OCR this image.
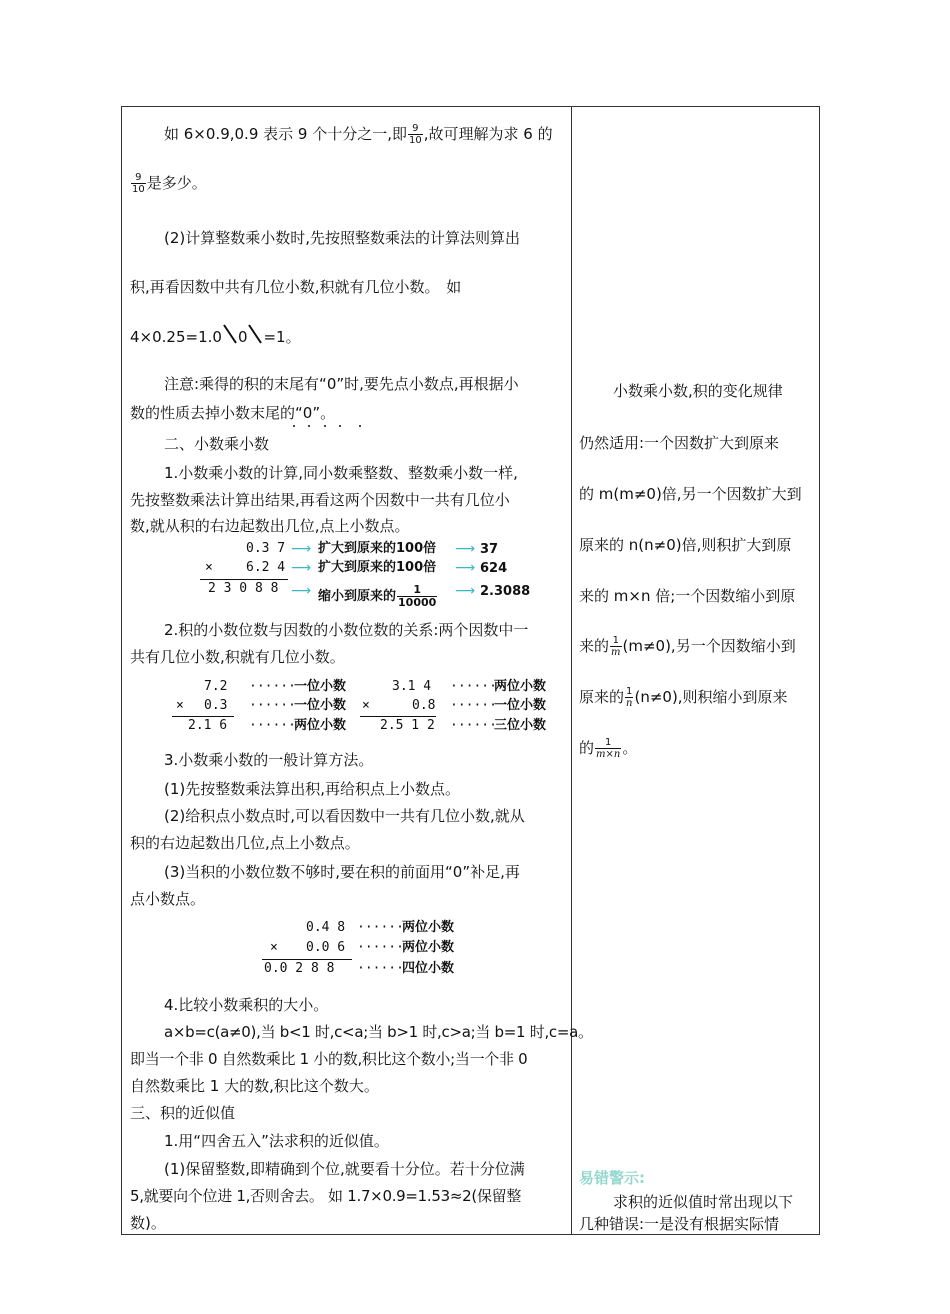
如 6×0.9,0.9 表示 9 个十分之一,即 $\frac{9}{10}$ ,故可理解为求 6 的
$\frac{9}{10}$ 是多少。
(2)计算整数乘小数时,先按照整数乘法的计算法则算出
积,再看因数中共有几位小数,积就有几位小数。 如
4×0.25=1.0 0 =1。
注意:乘得的积的末尾有“0”时,要先点小数点,再根据小
数的性质去掉小数末尾的“0”。
二、小数乘小数
1.小数乘小数的计算,同小数乘整数、整数乘小数一样,
先按整数乘法计算出结果,再看这两个因数中一共有几位小
数,就从积的右边起数出几位,点上小数点。
0.3 7
×	6.2 4
2 3 0 8 8
⟶
⟶
⟶
扩大到原来的100倍
扩大到原来的100倍
缩小到原来的 $\frac{1}{10000}$
⟶
⟶
⟶
37
624
2.3088
2.积的小数位数与因数的小数位数的关系:两个因数中一
共有几位小数,积就有几位小数。
7.2
× 0.3
2.1 6
······
······
······
一位小数
一位小数
两位小数
3.1 4
×	0.8
2.5 1 2
······
······
······
两位小数
一位小数
三位小数
3.小数乘小数的一般计算方法。
(1)先按整数乘法算出积,再给积点上小数点。
(2)给积点小数点时,可以看因数中一共有几位小数,就从
积的右边起数出几位,点上小数点。
(3)当积的小数位数不够时,要在积的前面用“0”补足,再
点小数点。
0.4 8
× 0.0 6
0.0 2 8 8
······
······
······
两位小数
两位小数
四位小数
4.比较小数乘积的大小。
a×b=c(a≠0),当 b<1 时,c<a;当 b>1 时,c>a;当 b=1 时,c=a。
即当一个非 0 自然数乘比 1 小的数,积比这个数小;当一个非 0
自然数乘比 1 大的数,积比这个数大。
三、积的近似值
1.用“四舍五入”法求积的近似值。
(1)保留整数,即精确到个位,就要看十分位。若十分位满
5,就要向个位进 1,否则舍去。 如 1.7×0.9=1.53≈2(保留整
数)。
小数乘小数,积的变化规律
仍然适用:一个因数扩大到原来
的 m(m≠0)倍,另一个因数扩大到
原来的 n(n≠0)倍,则积扩大到原
来的 m×n 倍;一个因数缩小到原
来的 $\frac{1}{m} (m\ne 0)$,另一个因数缩小到
原来的 $\frac{1}{n} (n\ne 0)$,则积缩小到原来
的 $\frac{1}{m\times n}$ 。
易错警示:
求积的近似值时常出现以下
几种错误:一是没有根据实际情
